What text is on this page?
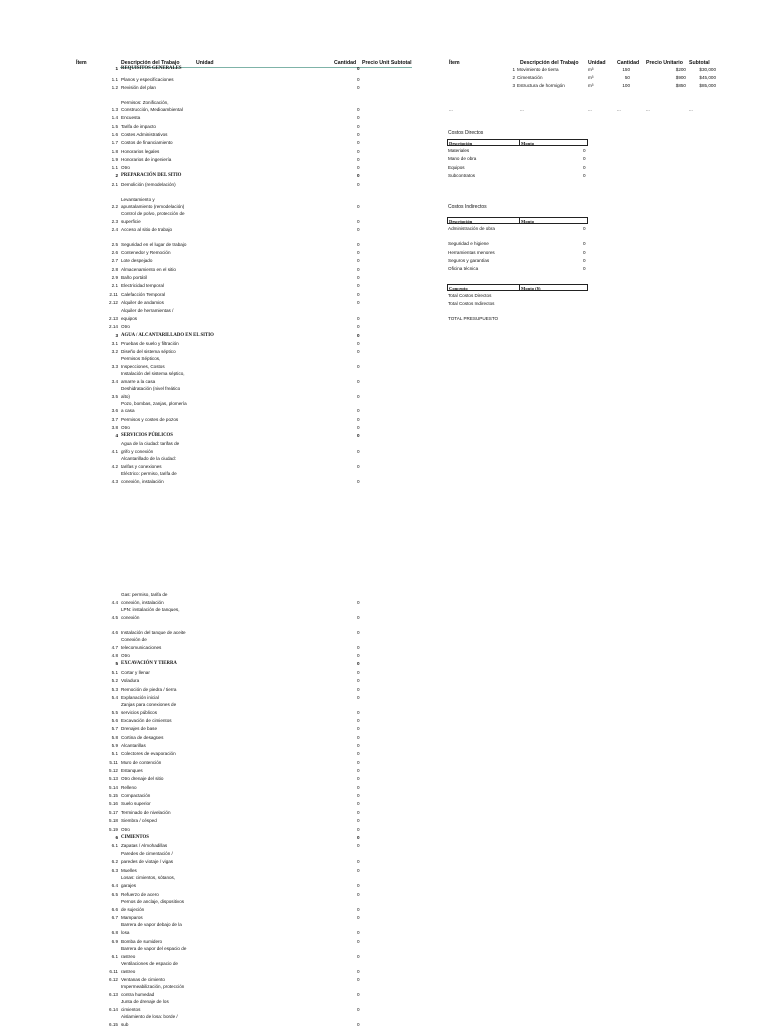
Ítem	Descripción del Trabajo	Unidad	Cantidad Precio Unit Subtotal
1 REQUISITOS GENERALES	0
1.1 Planos y especificaciones	0
1.2 Revisión del plan	0
Permisos: Zonificación,
1.3 Construcción, Medioambiental	0
1.4 Encuesta	0
1.5 Tarifa de impacto	0
1.6 Costes Administrativos	0
1.7 Costos de financiamiento	0
1.8 Honorarios legales	0
1.9 Honorarios de ingeniería	0
1.1 Otro	0
2 PREPARACIÓN DEL SITIO	0
2.1 Demolición (remodelación)	0
Levantamiento y
2.2 apuntalamiento (remodelación)	0
Control de polvo, protección de
2.3 superficie	0
2.4 Acceso al sitio de trabajo	0
2.5 Seguridad en el lugar de trabajo	0
2.6 Contenedor y Remoción	0
2.7 Lote despejado	0
2.8 Almacenamiento en el sitio	0
2.9 Baño portátil	0
2.1 Electricidad temporal	0
2.11 Calefacción Temporal	0
2.12 Alquiler de andamios	0
Alquiler de herramientas /
2.13 equipos	0
2.14 Otro	0
3 AGUA / ALCANTARILLADO EN EL SITIO	0
3.1 Pruebas de suelo y filtración	0
3.2 Diseño del sistema séptico	0
Permisos Sépticos,
3.3 Inspecciones, Costos	0
Instalación del sistema séptico,
3.4 amarre a la casa	0
Deshidratación (nivel freático
3.5 alto)	0
Pozo, bombas, zanjas, plomería
3.6 a casa	0
3.7 Permisos y costes de pozos	0
3.8 Otro	0
4 SERVICIOS PÚBLICOS	0
Agua de la ciudad: tarifas de
4.1 grifo y conexión	0
Alcantarillado de la ciudad:
4.2 tarifas y conexiones	0
Eléctrico: permiso, tarifa de
4.3 conexión, instalación	0
Gas: permiso, tarifa de
4.4 conexión, instalación	0
LPN: instalación de tanques,
4.5 conexión	0
4.6 Instalación del tanque de aceite	0
Conexión de
4.7 telecomunicaciones	0
4.8 Otro	0
5 EXCAVACIÓN Y TIERRA	0
5.1 Cortar y llenar	0
5.2 Voladura	0
5.3 Remoción de piedra / tierra	0
5.4 Explanación inicial	0
Zanjas para conexiones de
5.5 servicios públicos	0
5.6 Excavación de cimientos	0
5.7 Drenajes de base	0
5.8 Cortina de desagües	0
5.9 Alcantarillas	0
5.1 Colectores de evaporación	0
5.11 Muro de contención	0
5.12 Estanques	0
5.13 Otro drenaje del sitio	0
5.14 Relleno	0
5.15 Compactación	0
5.16 Suelo superior	0
5.17 Terminado de nivelación	0
5.18 Siembra / césped	0
5.19 Otro	0
6 CIMIENTOS	0
6.1 Zapatas / Almohadillas	0
Paredes de cimentación /
6.2 paredes de viotaje / vigas	0
6.3 Muelles	0
Losas: cimientos, sótanos,
6.4 garajes	0
6.5 Refuerzo de acero	0
Pernos de anclaje, dispositivos
6.6 de sujeción	0
6.7 Mamparos	0
Barrera de vapor debajo de la
6.8 losa	0
6.9 Bomba de sumidero	0
Barrera de vapor del espacio de
6.1 rastreo	0
Ventilaciones de espacio de
6.11 rastreo	0
6.12 Ventanas de cimiento	0
Impermeabilización, protección
6.13 contra humedad	0
Junta de drenaje de los
6.14 cimientos	0
Aislamiento de losa: borde /
6.15 sub	0
Ítem	Descripción del Trabajo Unidad Cantidad Precio Unitario Subtotal
1 Movimiento de tierra	m³	150	$200	$30,000
2 Cimentación	m³	50	$900	$45,000
3 Estructura de hormigón	m³	100	$850	$85,000
...	...	...	...	...	...
Costos Directos
Descripción	Monto
Materiales	0
Mano de obra	0
Equipos	0
Subcontratos	0
Costos Indirectos
Descripción	Monto
Administración de obra	0
Seguridad e higiene	0
Herramientas menores	0
Seguros y garantías	0
Oficina técnica	0
Concepto	Monto ($)
Total Costos Directos
Total Costos Indirectos
TOTAL PRESUPUESTO
